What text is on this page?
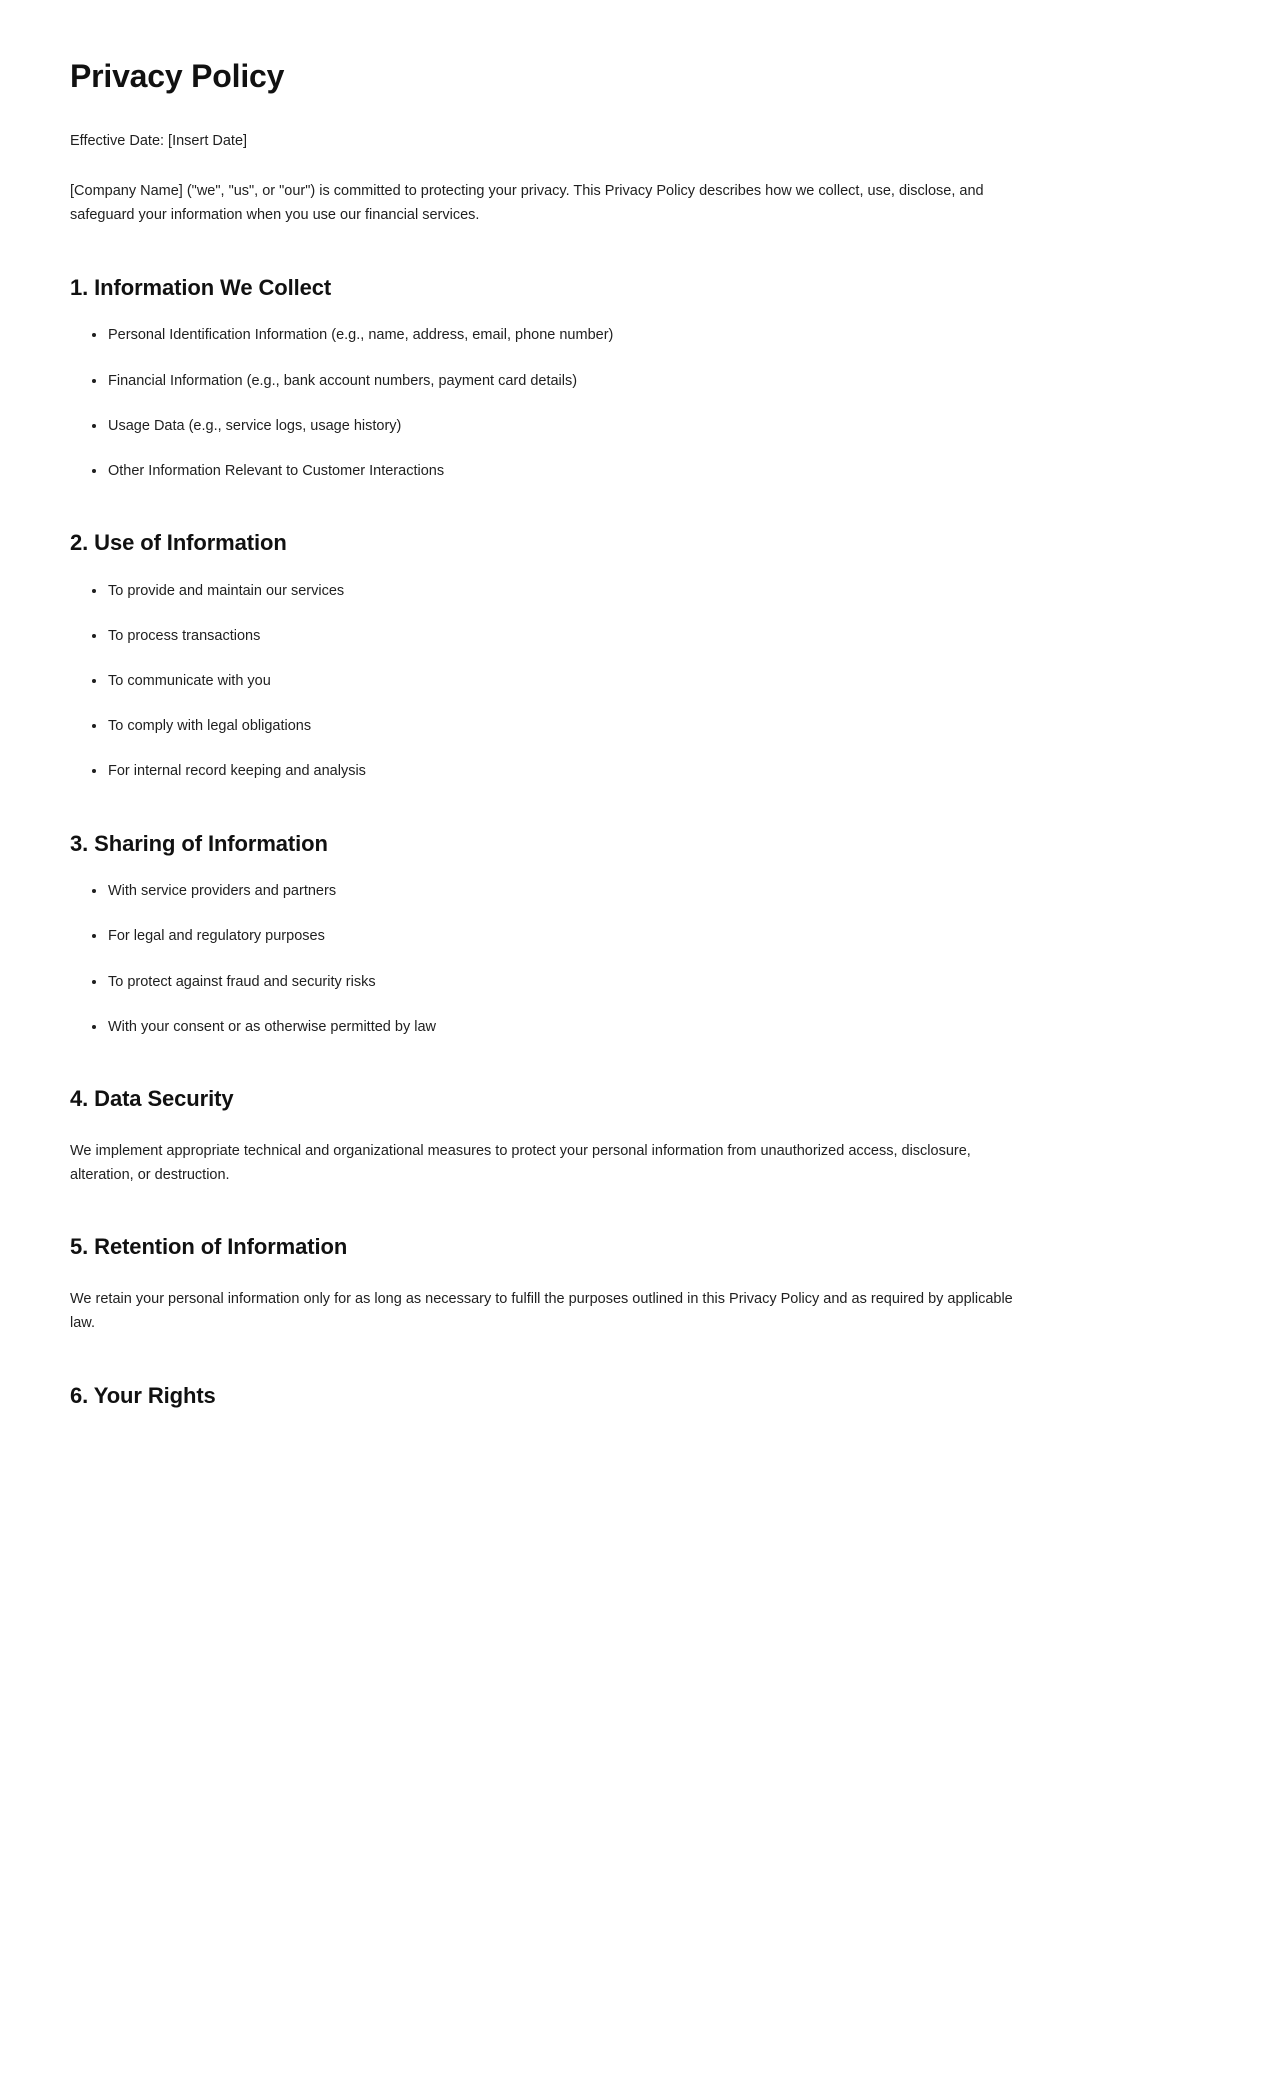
Privacy Policy

Effective Date: [Insert Date]

[Company Name] ("we", "us", or "our") is committed to protecting your privacy. This Privacy Policy describes how we collect, use, disclose, and safeguard your information when you use our financial services.

1. Information We Collect
Personal Identification Information (e.g., name, address, email, phone number)
Financial Information (e.g., bank account numbers, payment card details)
Usage Data (e.g., service logs, usage history)
Other Information Relevant to Customer Interactions
2. Use of Information
To provide and maintain our services
To process transactions
To communicate with you
To comply with legal obligations
For internal record keeping and analysis
3. Sharing of Information
With service providers and partners
For legal and regulatory purposes
To protect against fraud and security risks
With your consent or as otherwise permitted by law
4. Data Security

We implement appropriate technical and organizational measures to protect your personal information from unauthorized access, disclosure, alteration, or destruction.

5. Retention of Information

We retain your personal information only for as long as necessary to fulfill the purposes outlined in this Privacy Policy and as required by applicable law.

6. Your Rights
